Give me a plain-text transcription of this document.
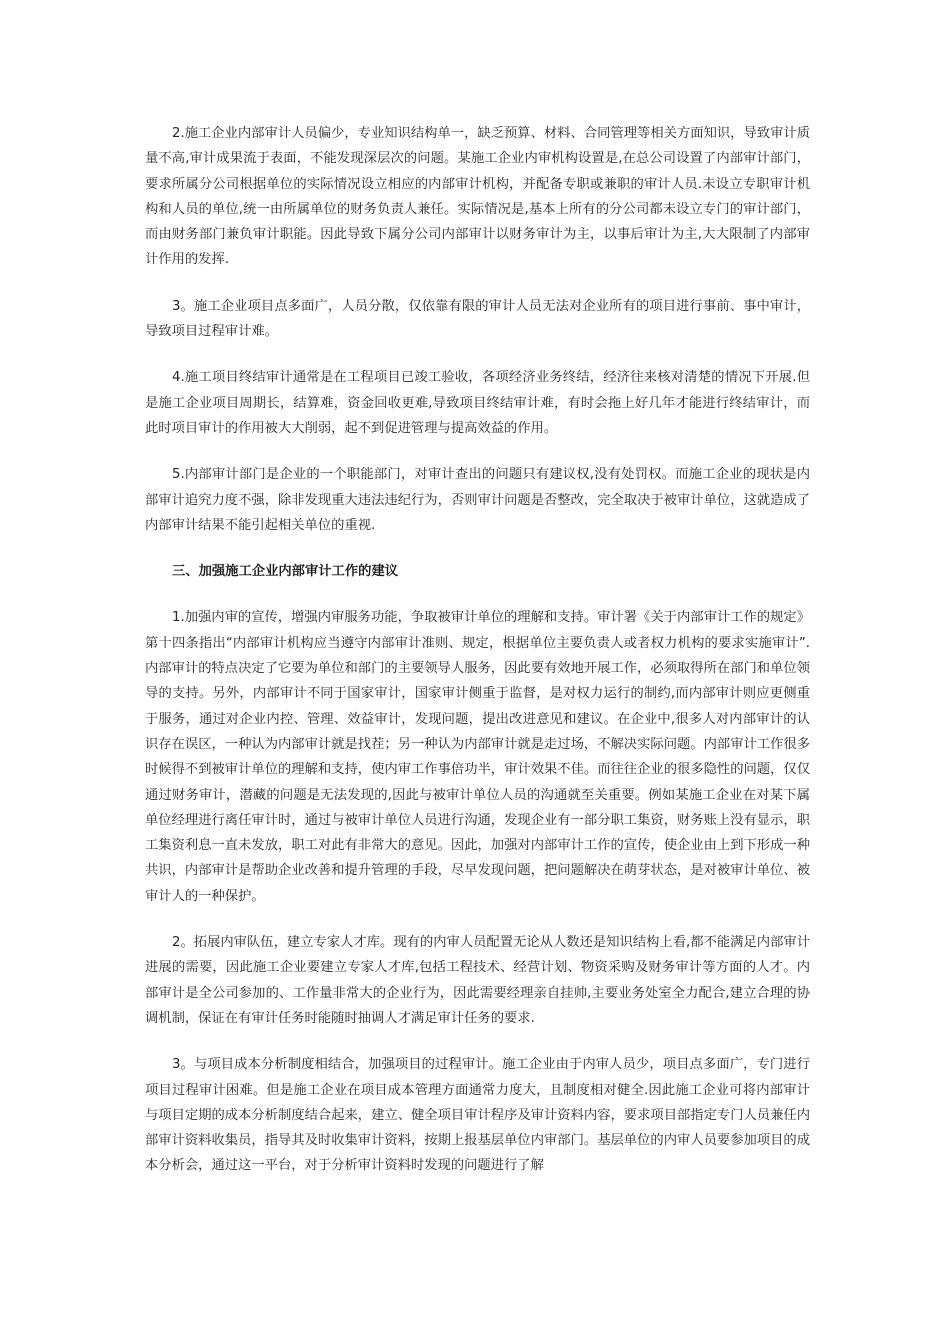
2.施工企业内部审计人员偏少，专业知识结构单一，缺乏预算、材料、合同管理等相关方面知识，导致审计质量不高,审计成果流于表面，不能发现深层次的问题。某施工企业内审机构设置是,在总公司设置了内部审计部门，要求所属分公司根据单位的实际情况设立相应的内部审计机构，并配备专职或兼职的审计人员.未设立专职审计机构和人员的单位,统一由所属单位的财务负责人兼任。实际情况是,基本上所有的分公司都未设立专门的审计部门，而由财务部门兼负审计职能。因此导致下属分公司内部审计以财务审计为主，以事后审计为主,大大限制了内部审计作用的发挥.

3。施工企业项目点多面广，人员分散，仅依靠有限的审计人员无法对企业所有的项目进行事前、事中审计，导致项目过程审计难。

4.施工项目终结审计通常是在工程项目已竣工验收，各项经济业务终结，经济往来核对清楚的情况下开展.但是施工企业项目周期长，结算难，资金回收更难,导致项目终结审计难，有时会拖上好几年才能进行终结审计，而此时项目审计的作用被大大削弱，起不到促进管理与提高效益的作用。

5.内部审计部门是企业的一个职能部门，对审计查出的问题只有建议权,没有处罚权。而施工企业的现状是内部审计追究力度不强，除非发现重大违法违纪行为，否则审计问题是否整改，完全取决于被审计单位，这就造成了内部审计结果不能引起相关单位的重视.

三、加强施工企业内部审计工作的建议

1.加强内审的宣传，增强内审服务功能，争取被审计单位的理解和支持。审计署《关于内部审计工作的规定》第十四条指出“内部审计机构应当遵守内部审计准则、规定，根据单位主要负责人或者权力机构的要求实施审计”.内部审计的特点决定了它要为单位和部门的主要领导人服务，因此要有效地开展工作，必须取得所在部门和单位领导的支持。另外，内部审计不同于国家审计，国家审计侧重于监督，是对权力运行的制约,而内部审计则应更侧重于服务，通过对企业内控、管理、效益审计，发现问题，提出改进意见和建议。在企业中,很多人对内部审计的认识存在误区，一种认为内部审计就是找茬；另一种认为内部审计就是走过场，不解决实际问题。内部审计工作很多时候得不到被审计单位的理解和支持，使内审工作事倍功半，审计效果不佳。而往往企业的很多隐性的问题，仅仅通过财务审计，潜藏的问题是无法发现的,因此与被审计单位人员的沟通就至关重要。例如某施工企业在对某下属单位经理进行离任审计时，通过与被审计单位人员进行沟通，发现企业有一部分职工集资，财务账上没有显示，职工集资利息一直未发放，职工对此有非常大的意见。因此，加强对内部审计工作的宣传，使企业由上到下形成一种共识，内部审计是帮助企业改善和提升管理的手段，尽早发现问题，把问题解决在萌芽状态，是对被审计单位、被审计人的一种保护。

2。拓展内审队伍，建立专家人才库。现有的内审人员配置无论从人数还是知识结构上看,都不能满足内部审计进展的需要，因此施工企业要建立专家人才库,包括工程技术、经营计划、物资采购及财务审计等方面的人才。内部审计是全公司参加的、工作量非常大的企业行为，因此需要经理亲自挂帅,主要业务处室全力配合,建立合理的协调机制，保证在有审计任务时能随时抽调人才满足审计任务的要求.

3。与项目成本分析制度相结合，加强项目的过程审计。施工企业由于内审人员少，项目点多面广，专门进行项目过程审计困难。但是施工企业在项目成本管理方面通常力度大，且制度相对健全.因此施工企业可将内部审计与项目定期的成本分析制度结合起来，建立、健全项目审计程序及审计资料内容，要求项目部指定专门人员兼任内部审计资料收集员，指导其及时收集审计资料，按期上报基层单位内审部门。基层单位的内审人员要参加项目的成本分析会，通过这一平台，对于分析审计资料时发现的问题进行了解
